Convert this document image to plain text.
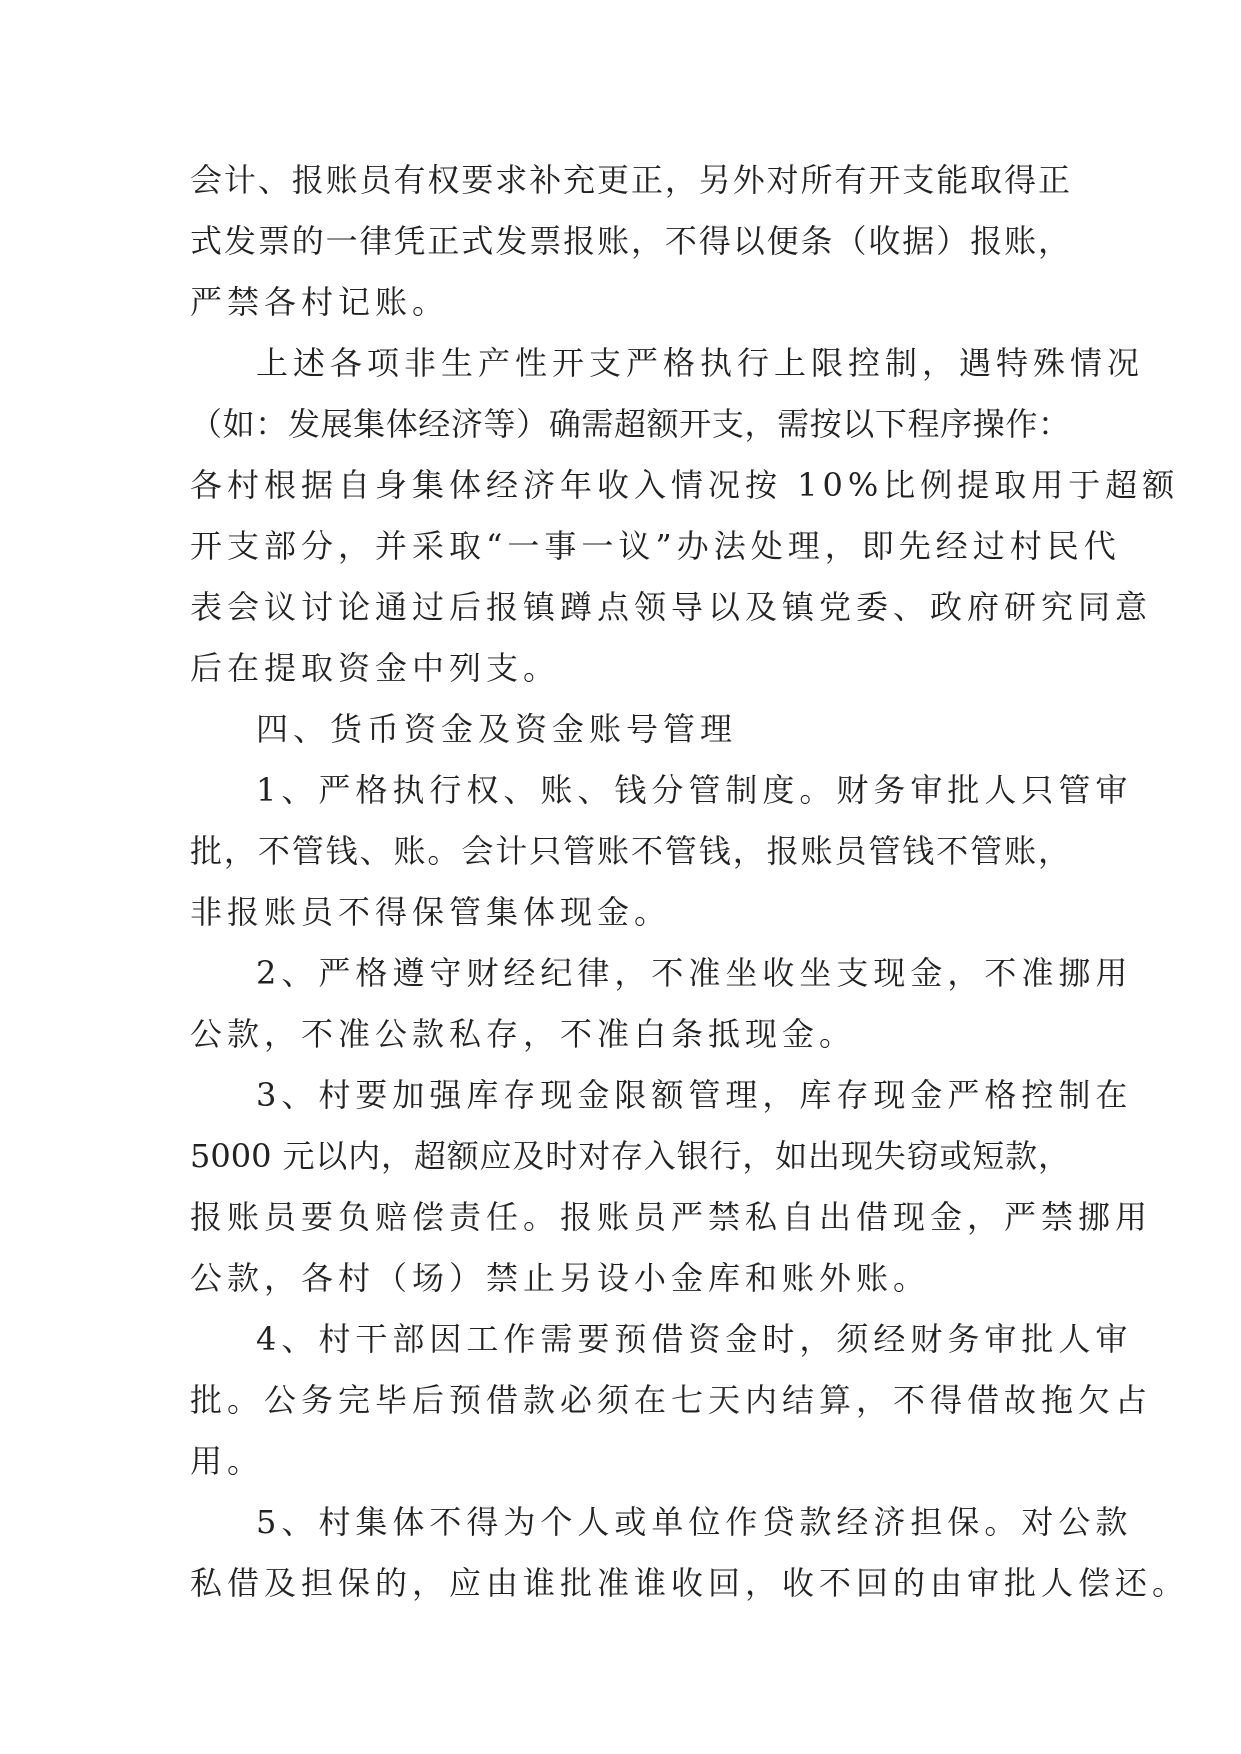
会计、报账员有权要求补充更正，另外对所有开支能取得正
式发票的一律凭正式发票报账，不得以便条（收据）报账，
严禁各村记账。
上述各项非生产性开支严格执行上限控制，遇特殊情况
（如：发展集体经济等）确需超额开支，需按以下程序操作：
各村根据自身集体经济年收入情况按 10%比例提取用于超额
开支部分，并采取“一事一议”办法处理，即先经过村民代
表会议讨论通过后报镇蹲点领导以及镇党委、政府研究同意
后在提取资金中列支。
四、货币资金及资金账号管理
1、严格执行权、账、钱分管制度。财务审批人只管审
批，不管钱、账。会计只管账不管钱，报账员管钱不管账，
非报账员不得保管集体现金。
2、严格遵守财经纪律，不准坐收坐支现金，不准挪用
公款，不准公款私存，不准白条抵现金。
3、村要加强库存现金限额管理，库存现金严格控制在
5000 元以内，超额应及时对存入银行，如出现失窃或短款，
报账员要负赔偿责任。报账员严禁私自出借现金，严禁挪用
公款，各村（场）禁止另设小金库和账外账。
4、村干部因工作需要预借资金时，须经财务审批人审
批。公务完毕后预借款必须在七天内结算，不得借故拖欠占
用。
5、村集体不得为个人或单位作贷款经济担保。对公款
私借及担保的，应由谁批准谁收回，收不回的由审批人偿还。
